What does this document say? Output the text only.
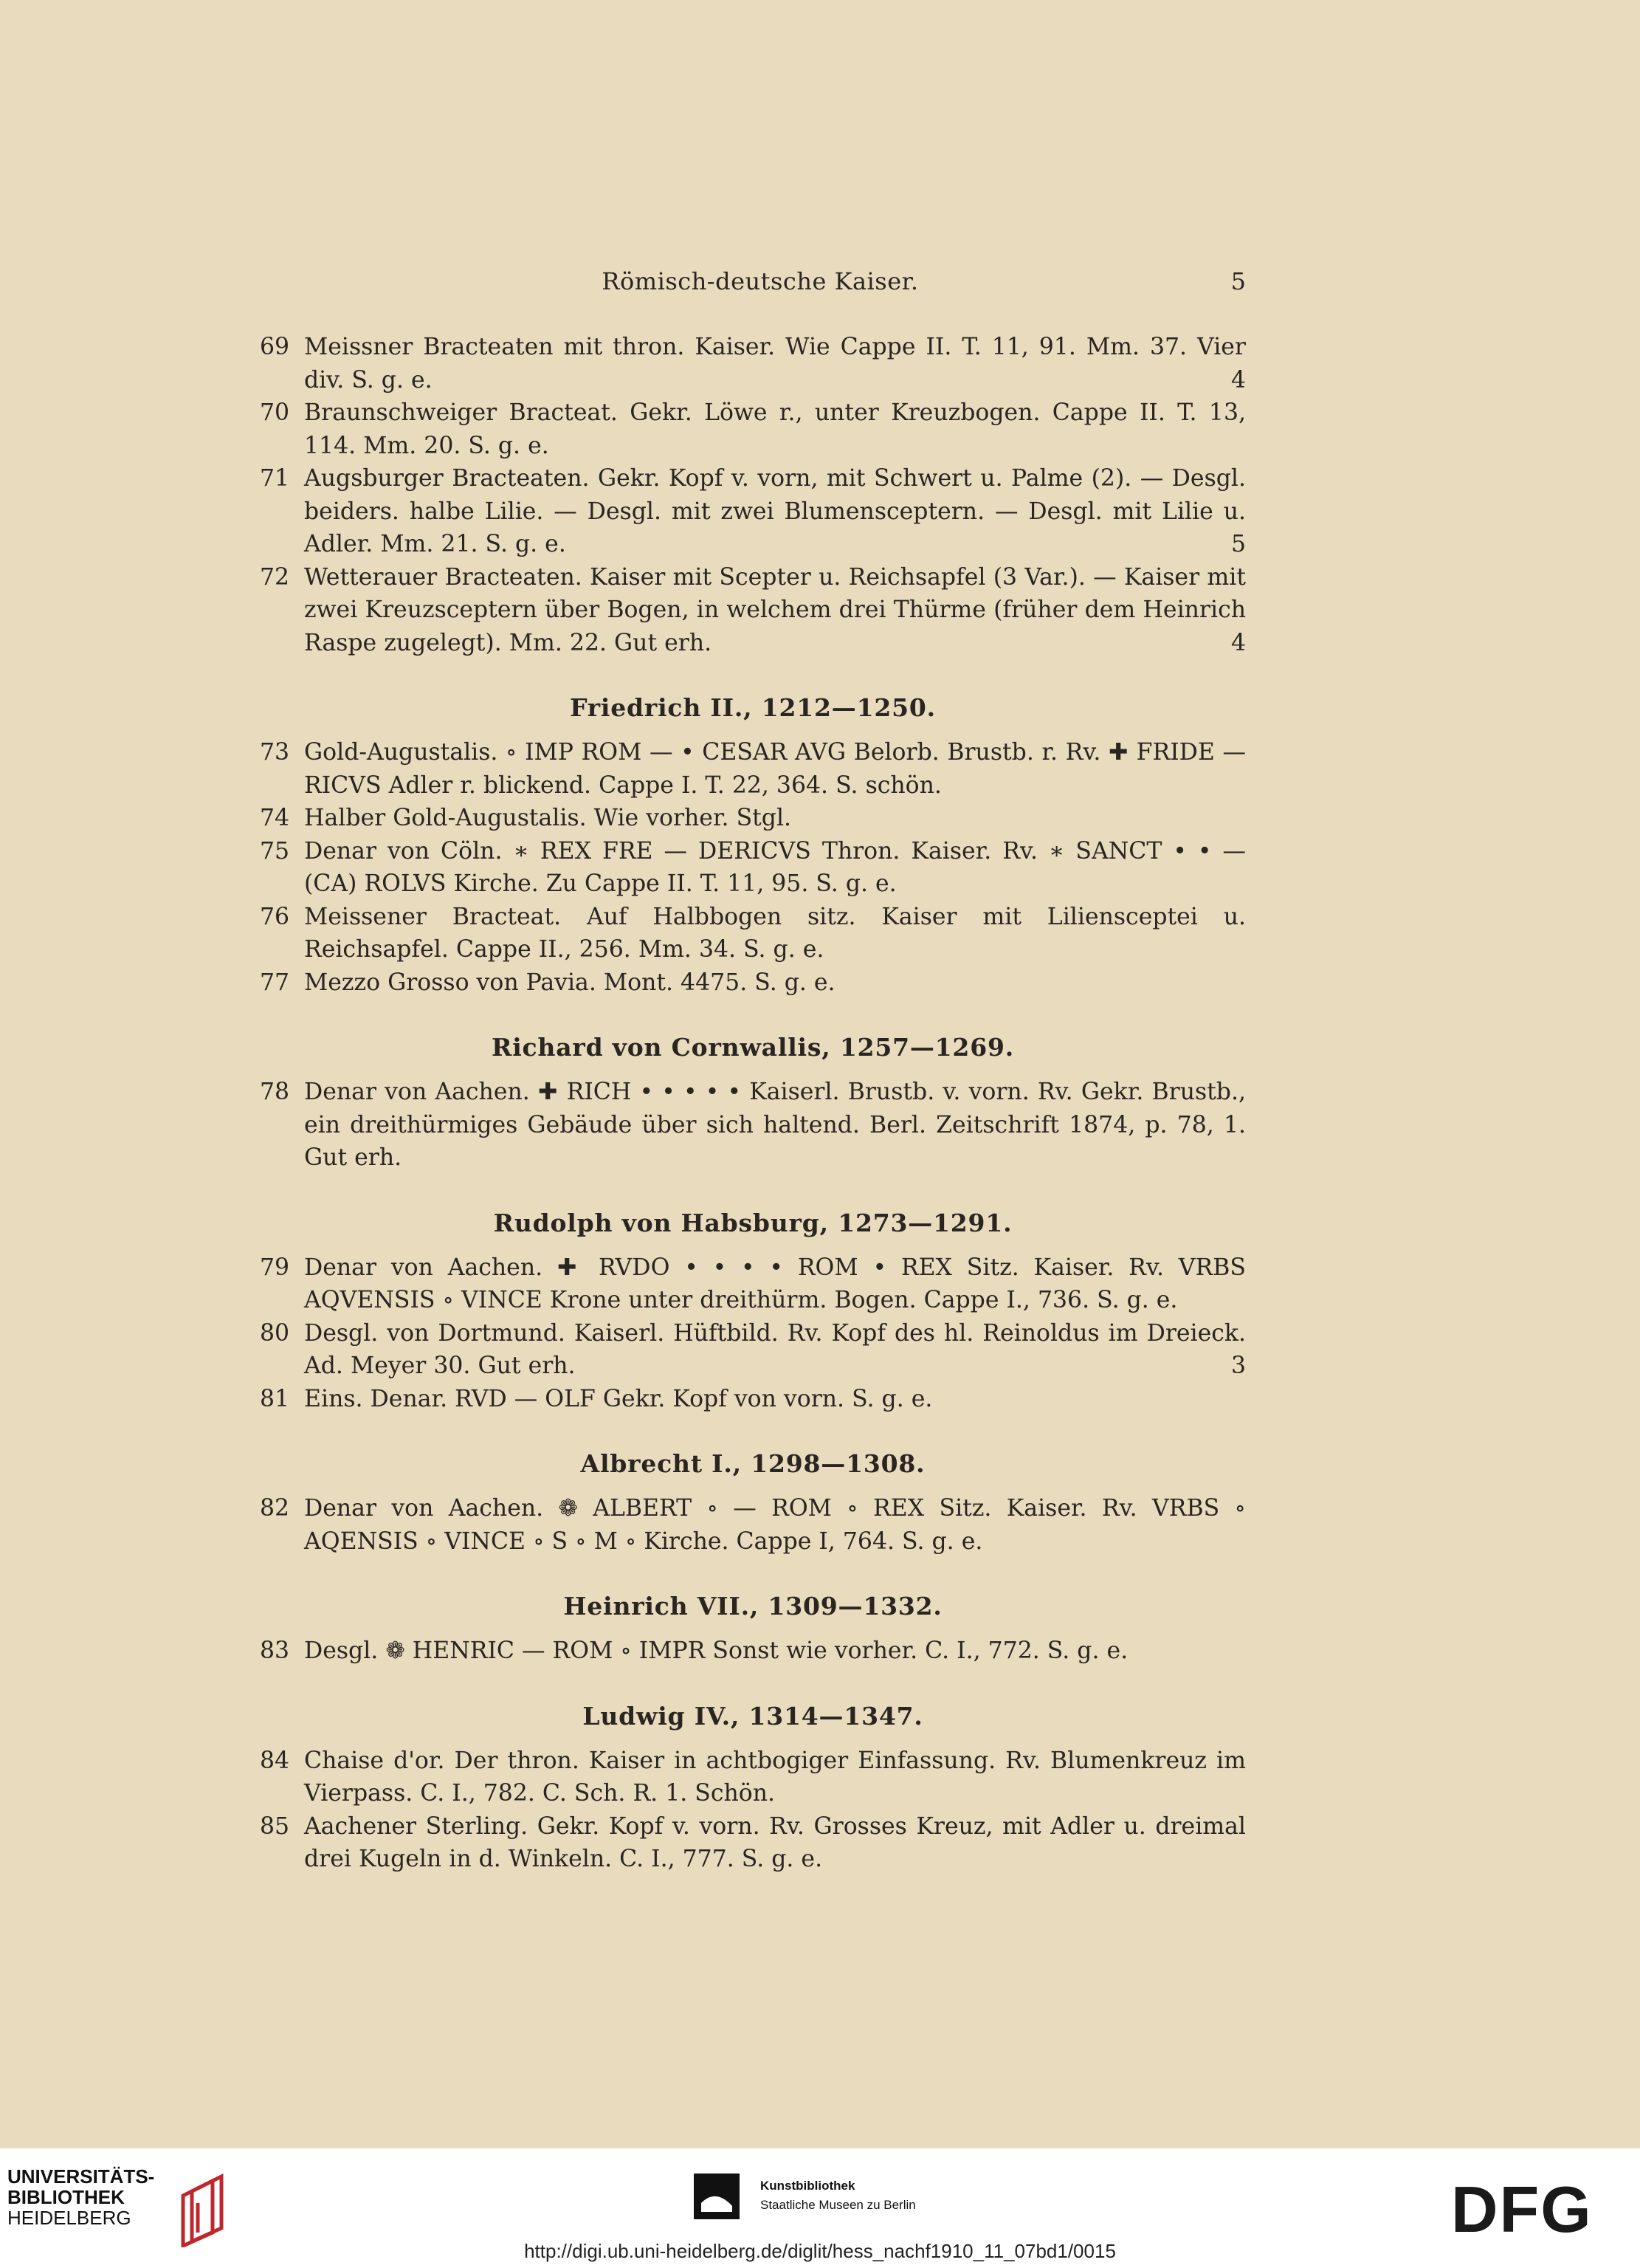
Römisch-deutsche Kaiser.	5
69 Meissner Bracteaten mit thron. Kaiser. Wie Cappe II. T. 11, 91. Mm. 37. Vier div. S. g. e.	4
70 Braunschweiger Bracteat. Gekr. Löwe r., unter Kreuzbogen. Cappe II. T. 13, 114. Mm. 20. S. g. e.
71 Augsburger Bracteaten. Gekr. Kopf v. vorn, mit Schwert u. Palme (2). — Desgl. beiders. halbe Lilie. — Desgl. mit zwei Blumensceptern. — Desgl. mit Lilie u. Adler. Mm. 21. S. g. e.	5
72 Wetterauer Bracteaten. Kaiser mit Scepter u. Reichsapfel (3 Var.). — Kaiser mit zwei Kreuzsceptern über Bogen, in welchem drei Thürme (früher dem Heinrich Raspe zugelegt). Mm. 22. Gut erh.	4
Friedrich II., 1212—1250.
73 Gold-Augustalis. ∘ IMP ROM — • CESAR AVG Belorb. Brustb. r. Rv. ✚ FRIDE — RICVS Adler r. blickend. Cappe I. T. 22, 364. S. schön.
74 Halber Gold-Augustalis. Wie vorher. Stgl.
75 Denar von Cöln. ∗ REX FRE — DERICVS Thron. Kaiser. Rv. ∗ SANCT • • — (CA) ROLVS Kirche. Zu Cappe II. T. 11, 95. S. g. e.
76 Meissener Bracteat. Auf Halbbogen sitz. Kaiser mit Liliensceptei u. Reichsapfel. Cappe II., 256. Mm. 34. S. g. e.
77 Mezzo Grosso von Pavia. Mont. 4475. S. g. e.
Richard von Cornwallis, 1257—1269.
78 Denar von Aachen. ✚ RICH • • • • • Kaiserl. Brustb. v. vorn. Rv. Gekr. Brustb., ein dreithürmiges Gebäude über sich haltend. Berl. Zeitschrift 1874, p. 78, 1. Gut erh.
Rudolph von Habsburg, 1273—1291.
79 Denar von Aachen. ✚ RVDO • • • • ROM • REX Sitz. Kaiser. Rv. VRBS AQVENSIS ∘ VINCE Krone unter dreithürm. Bogen. Cappe I., 736. S. g. e.
80 Desgl. von Dortmund. Kaiserl. Hüftbild. Rv. Kopf des hl. Reinoldus im Dreieck. Ad. Meyer 30. Gut erh.	3
81 Eins. Denar. RVD — OLF Gekr. Kopf von vorn. S. g. e.
Albrecht I., 1298—1308.
82 Denar von Aachen. ❁ ALBERT ∘ — ROM ∘ REX Sitz. Kaiser. Rv. VRBS ∘ AQENSIS ∘ VINCE ∘ S ∘ M ∘ Kirche. Cappe I, 764. S. g. e.
Heinrich VII., 1309—1332.
83 Desgl. ❁ HENRIC — ROM ∘ IMPR Sonst wie vorher. C. I., 772. S. g. e.
Ludwig IV., 1314—1347.
84 Chaise d'or. Der thron. Kaiser in achtbogiger Einfassung. Rv. Blumenkreuz im Vierpass. C. I., 782. C. Sch. R. 1. Schön.
85 Aachener Sterling. Gekr. Kopf v. vorn. Rv. Grosses Kreuz, mit Adler u. dreimal drei Kugeln in d. Winkeln. C. I., 777. S. g. e.
UNIVERSITÄTS-
BIBLIOTHEK
HEIDELBERG
Kunstbibliothek
Staatliche Museen zu Berlin	DFG
http://digi.ub.uni-heidelberg.de/diglit/hess_nachf1910_11_07bd1/0015
